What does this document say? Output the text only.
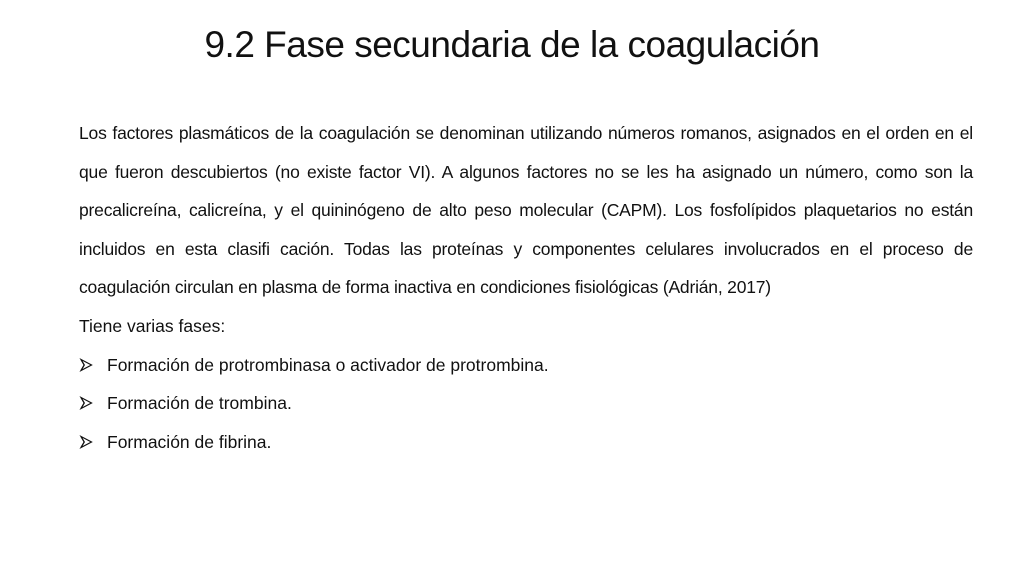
9.2 Fase secundaria de la coagulación

Los factores plasmáticos de la coagulación se denominan utilizando números romanos, asignados en el orden en el que fueron descubiertos (no existe factor VI). A algunos factores no se les ha asignado un número, como son la precalicreína, calicreína, y el quininógeno de alto peso molecular (CAPM). Los fosfolípidos plaquetarios no están incluidos en esta clasifi cación. Todas las proteínas y componentes celulares involucrados en el proceso de coagulación circulan en plasma de forma inactiva en condiciones fisiológicas (Adrián, 2017)

Tiene varias fases:

Formación de protrombinasa o activador de protrombina.
Formación de trombina.
Formación de fibrina.
